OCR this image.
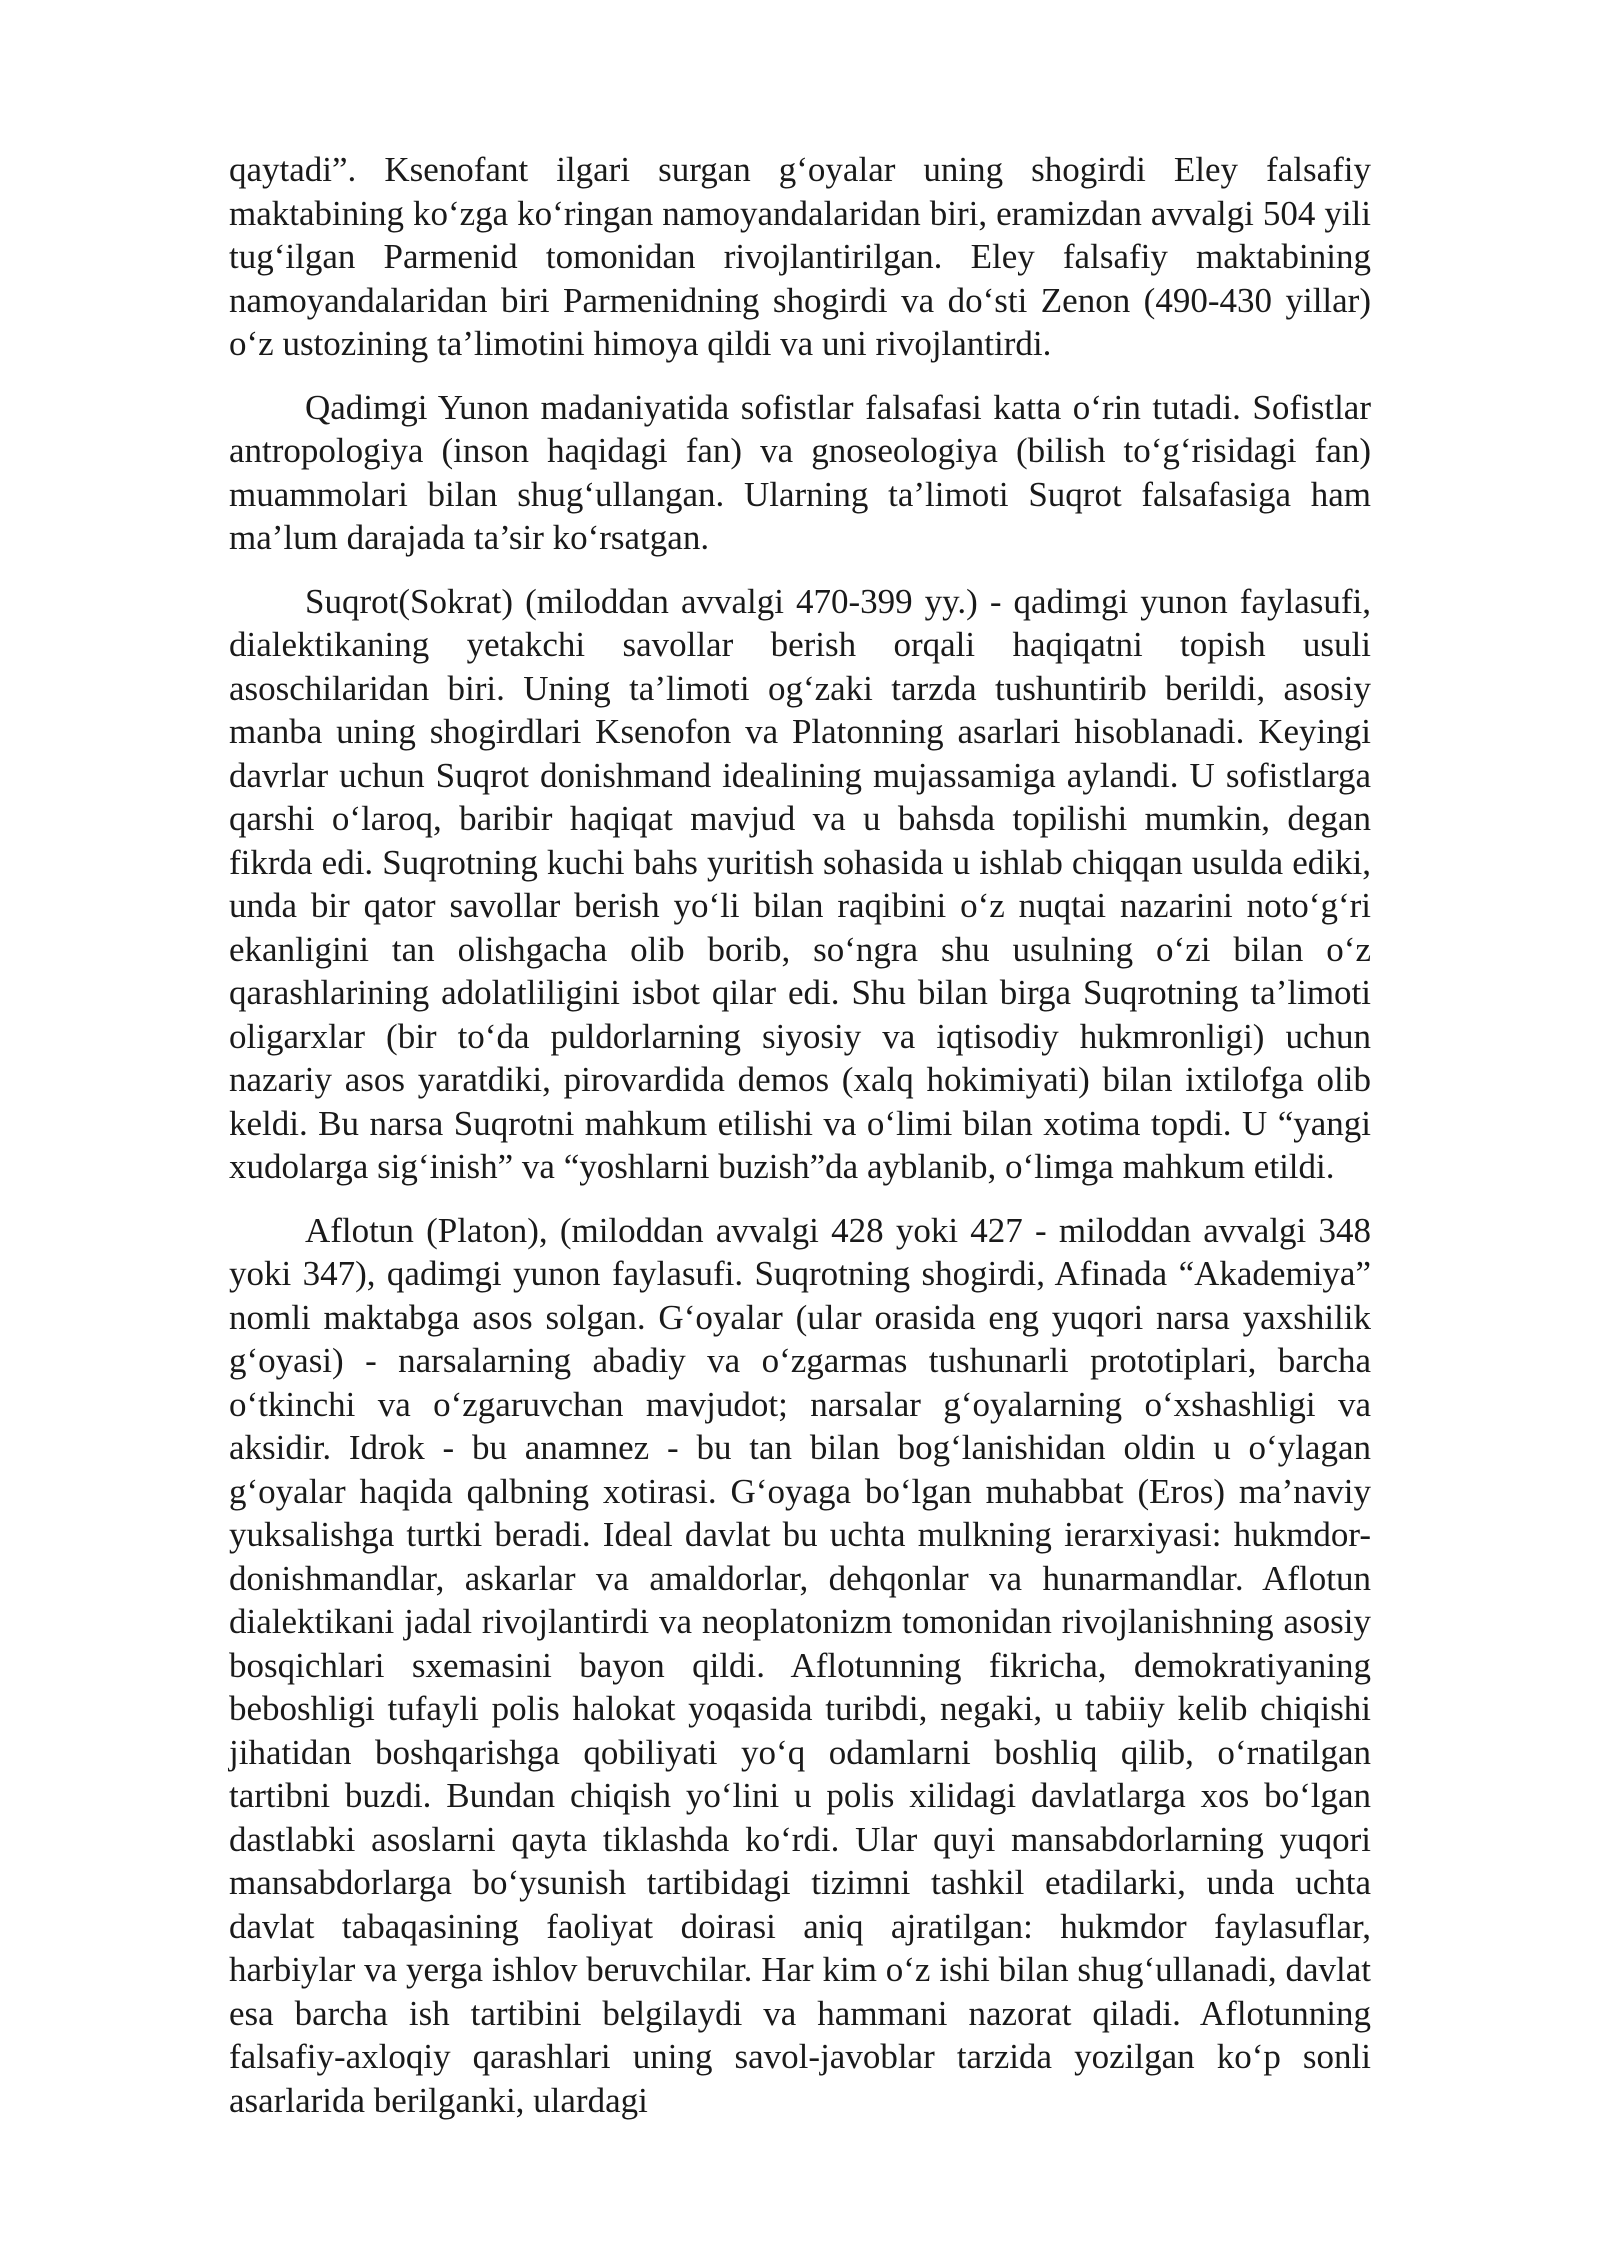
qaytadi”. Ksenofant ilgari surgan g‘oyalar uning shogirdi Eley falsafiy maktabining ko‘zga ko‘ringan namoyandalaridan biri, eramizdan avvalgi 504 yili tug‘ilgan Parmenid tomonidan rivojlantirilgan. Eley falsafiy maktabining namoyandalaridan biri Parmenidning shogirdi va do‘sti Zenon (490-430 yillar) o‘z ustozining ta’limotini himoya qildi va uni rivojlantirdi.

Qadimgi Yunon madaniyatida sofistlar falsafasi katta o‘rin tutadi. Sofistlar antropologiya (inson haqidagi fan) va gnoseologiya (bilish to‘g‘risidagi fan) muammolari bilan shug‘ullangan. Ularning ta’limoti Suqrot falsafasiga ham ma’lum darajada ta’sir ko‘rsatgan.

Suqrot(Sokrat) (miloddan avvalgi 470-399 yy.) - qadimgi yunon faylasufi, dialektikaning yetakchi savollar berish orqali haqiqatni topish usuli asoschilaridan biri. Uning ta’limoti og‘zaki tarzda tushuntirib berildi, asosiy manba uning shogirdlari Ksenofon va Platonning asarlari hisoblanadi. Keyingi davrlar uchun Suqrot donishmand idealining mujassamiga aylandi. U sofistlarga qarshi o‘laroq, baribir haqiqat mavjud va u bahsda topilishi mumkin, degan fikrda edi. Suqrotning kuchi bahs yuritish sohasida u ishlab chiqqan usulda ediki, unda bir qator savollar berish yo‘li bilan raqibini o‘z nuqtai nazarini noto‘g‘ri ekanligini tan olishgacha olib borib, so‘ngra shu usulning o‘zi bilan o‘z qarashlarining adolatliligini isbot qilar edi. Shu bilan birga Suqrotning ta’limoti oligarxlar (bir to‘da puldorlarning siyosiy va iqtisodiy hukmronligi) uchun nazariy asos yaratdiki, pirovardida demos (xalq hokimiyati) bilan ixtilofga olib keldi. Bu narsa Suqrotni mahkum etilishi va o‘limi bilan xotima topdi. U “yangi xudolarga sig‘inish” va “yoshlarni buzish”da ayblanib, o‘limga mahkum etildi.

Aflotun (Platon), (miloddan avvalgi 428 yoki 427 - miloddan avvalgi 348 yoki 347), qadimgi yunon faylasufi. Suqrotning shogirdi, Afinada “Akademiya” nomli maktabga asos solgan. G‘oyalar (ular orasida eng yuqori narsa yaxshilik g‘oyasi) - narsalarning abadiy va o‘zgarmas tushunarli prototiplari, barcha o‘tkinchi va o‘zgaruvchan mavjudot; narsalar g‘oyalarning o‘xshashligi va aksidir. Idrok - bu anamnez - bu tan bilan bog‘lanishidan oldin u o‘ylagan g‘oyalar haqida qalbning xotirasi. G‘oyaga bo‘lgan muhabbat (Eros) ma’naviy yuksalishga turtki beradi. Ideal davlat bu uchta mulkning ierarxiyasi: hukmdor-donishmandlar, askarlar va amaldorlar, dehqonlar va hunarmandlar. Aflotun dialektikani jadal rivojlantirdi va neoplatonizm tomonidan rivojlanishning asosiy bosqichlari sxemasini bayon qildi. Aflotunning fikricha, demokratiyaning beboshligi tufayli polis halokat yoqasida turibdi, negaki, u tabiiy kelib chiqishi jihatidan boshqarishga qobiliyati yo‘q odamlarni boshliq qilib, o‘rnatilgan tartibni buzdi. Bundan chiqish yo‘lini u polis xilidagi davlatlarga xos bo‘lgan dastlabki asoslarni qayta tiklashda ko‘rdi. Ular quyi mansabdorlarning yuqori mansabdorlarga bo‘ysunish tartibidagi tizimni tashkil etadilarki, unda uchta davlat tabaqasining faoliyat doirasi aniq ajratilgan: hukmdor faylasuflar, harbiylar va yerga ishlov beruvchilar. Har kim o‘z ishi bilan shug‘ullanadi, davlat esa barcha ish tartibini belgilaydi va hammani nazorat qiladi. Aflotunning falsafiy-axloqiy qarashlari uning savol-javoblar tarzida yozilgan ko‘p sonli asarlarida berilganki, ulardagi
